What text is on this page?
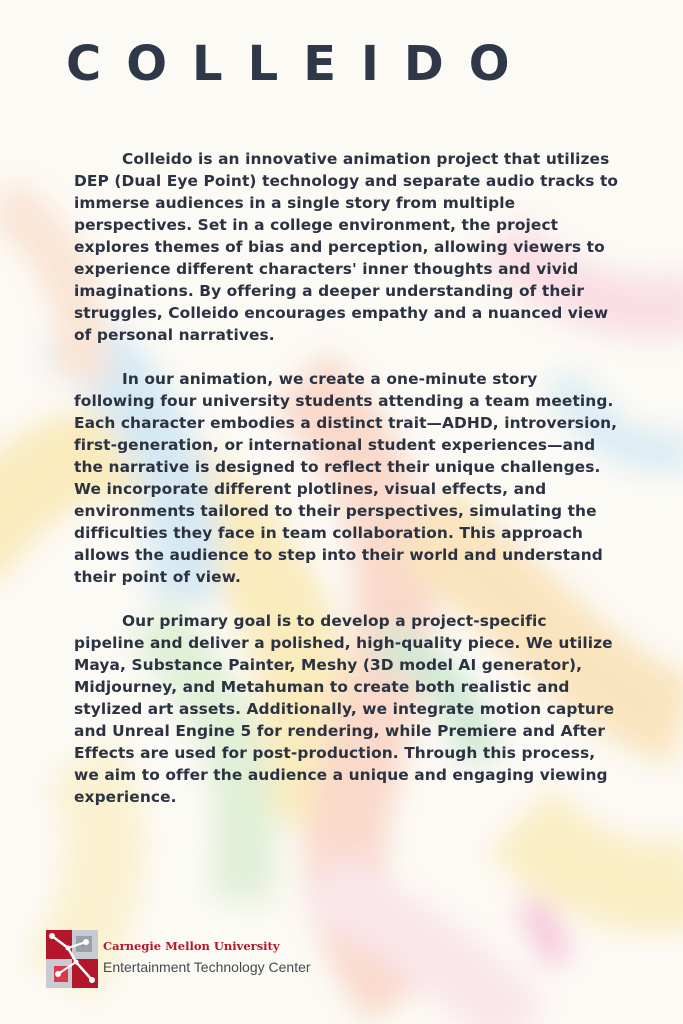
COLLEIDO

Colleido is an innovative animation project that utilizes DEP (Dual Eye Point) technology and separate audio tracks to immerse audiences in a single story from multiple perspectives. Set in a college environment, the project explores themes of bias and perception, allowing viewers to experience different characters' inner thoughts and vivid imaginations. By offering a deeper understanding of their struggles, Colleido encourages empathy and a nuanced view of personal narratives.

In our animation, we create a one-minute story following four university students attending a team meeting. Each character embodies a distinct trait—ADHD, introversion, first-generation, or international student experiences—and the narrative is designed to reflect their unique challenges. We incorporate different plotlines, visual effects, and environments tailored to their perspectives, simulating the difficulties they face in team collaboration. This approach allows the audience to step into their world and understand their point of view.

Our primary goal is to develop a project-specific pipeline and deliver a polished, high-quality piece. We utilize Maya, Substance Painter, Meshy (3D model AI generator), Midjourney, and Metahuman to create both realistic and stylized art assets. Additionally, we integrate motion capture and Unreal Engine 5 for rendering, while Premiere and After Effects are used for post-production. Through this process, we aim to offer the audience a unique and engaging viewing experience.

Carnegie Mellon University
Entertainment Technology Center
